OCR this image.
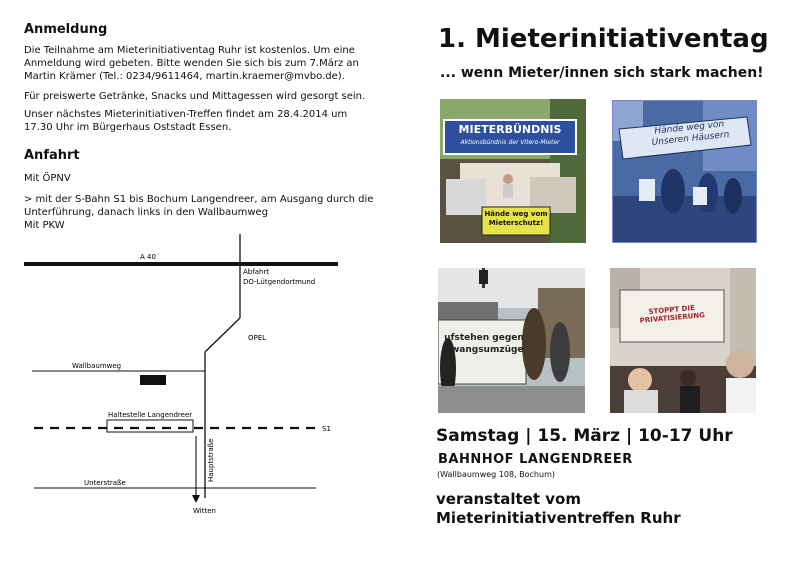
Anmeldung
Die Teilnahme am Mieterinitiativentag Ruhr ist kostenlos. Um eine
Anmeldung wird gebeten. Bitte wenden Sie sich bis zum 7.März an
Martin Krämer (Tel.: 0234/9611464, martin.kraemer@mvbo.de).
Für preiswerte Getränke, Snacks und Mittagessen wird gesorgt sein.
Unser nächstes Mieterinitiativen-Treffen findet am 28.4.2014 um
17.30 Uhr im Bürgerhaus Oststadt Essen.
Anfahrt
Mit ÖPNV
> mit der S-Bahn S1 bis Bochum Langendreer, am Ausgang durch die
Unterführung, danach links in den Wallbaumweg
Mit PKW
A 40
Abfahrt
DO-Lütgendortmund
OPEL
Wallbaumweg
Haltestelle Langendreer
S1
Hauptstraße
Unterstraße
Witten
1. Mieterinitiativentag
... wenn Mieter/innen sich stark machen!
MIETERBÜNDNIS
Aktionsbündnis der Vitero-Mieter
Hände weg vom Mieterschutz!
Hände weg von Unseren Häusern
ufstehen gegen
Zwangsumzüge
STOPPT DIE PRIVATISIERUNG
Samstag | 15. März | 10-17 Uhr
BAHNHOF LANGENDREER
(Wallbaumweg 108, Bochum)
veranstaltet vom
Mieterinitiativentreffen Ruhr
